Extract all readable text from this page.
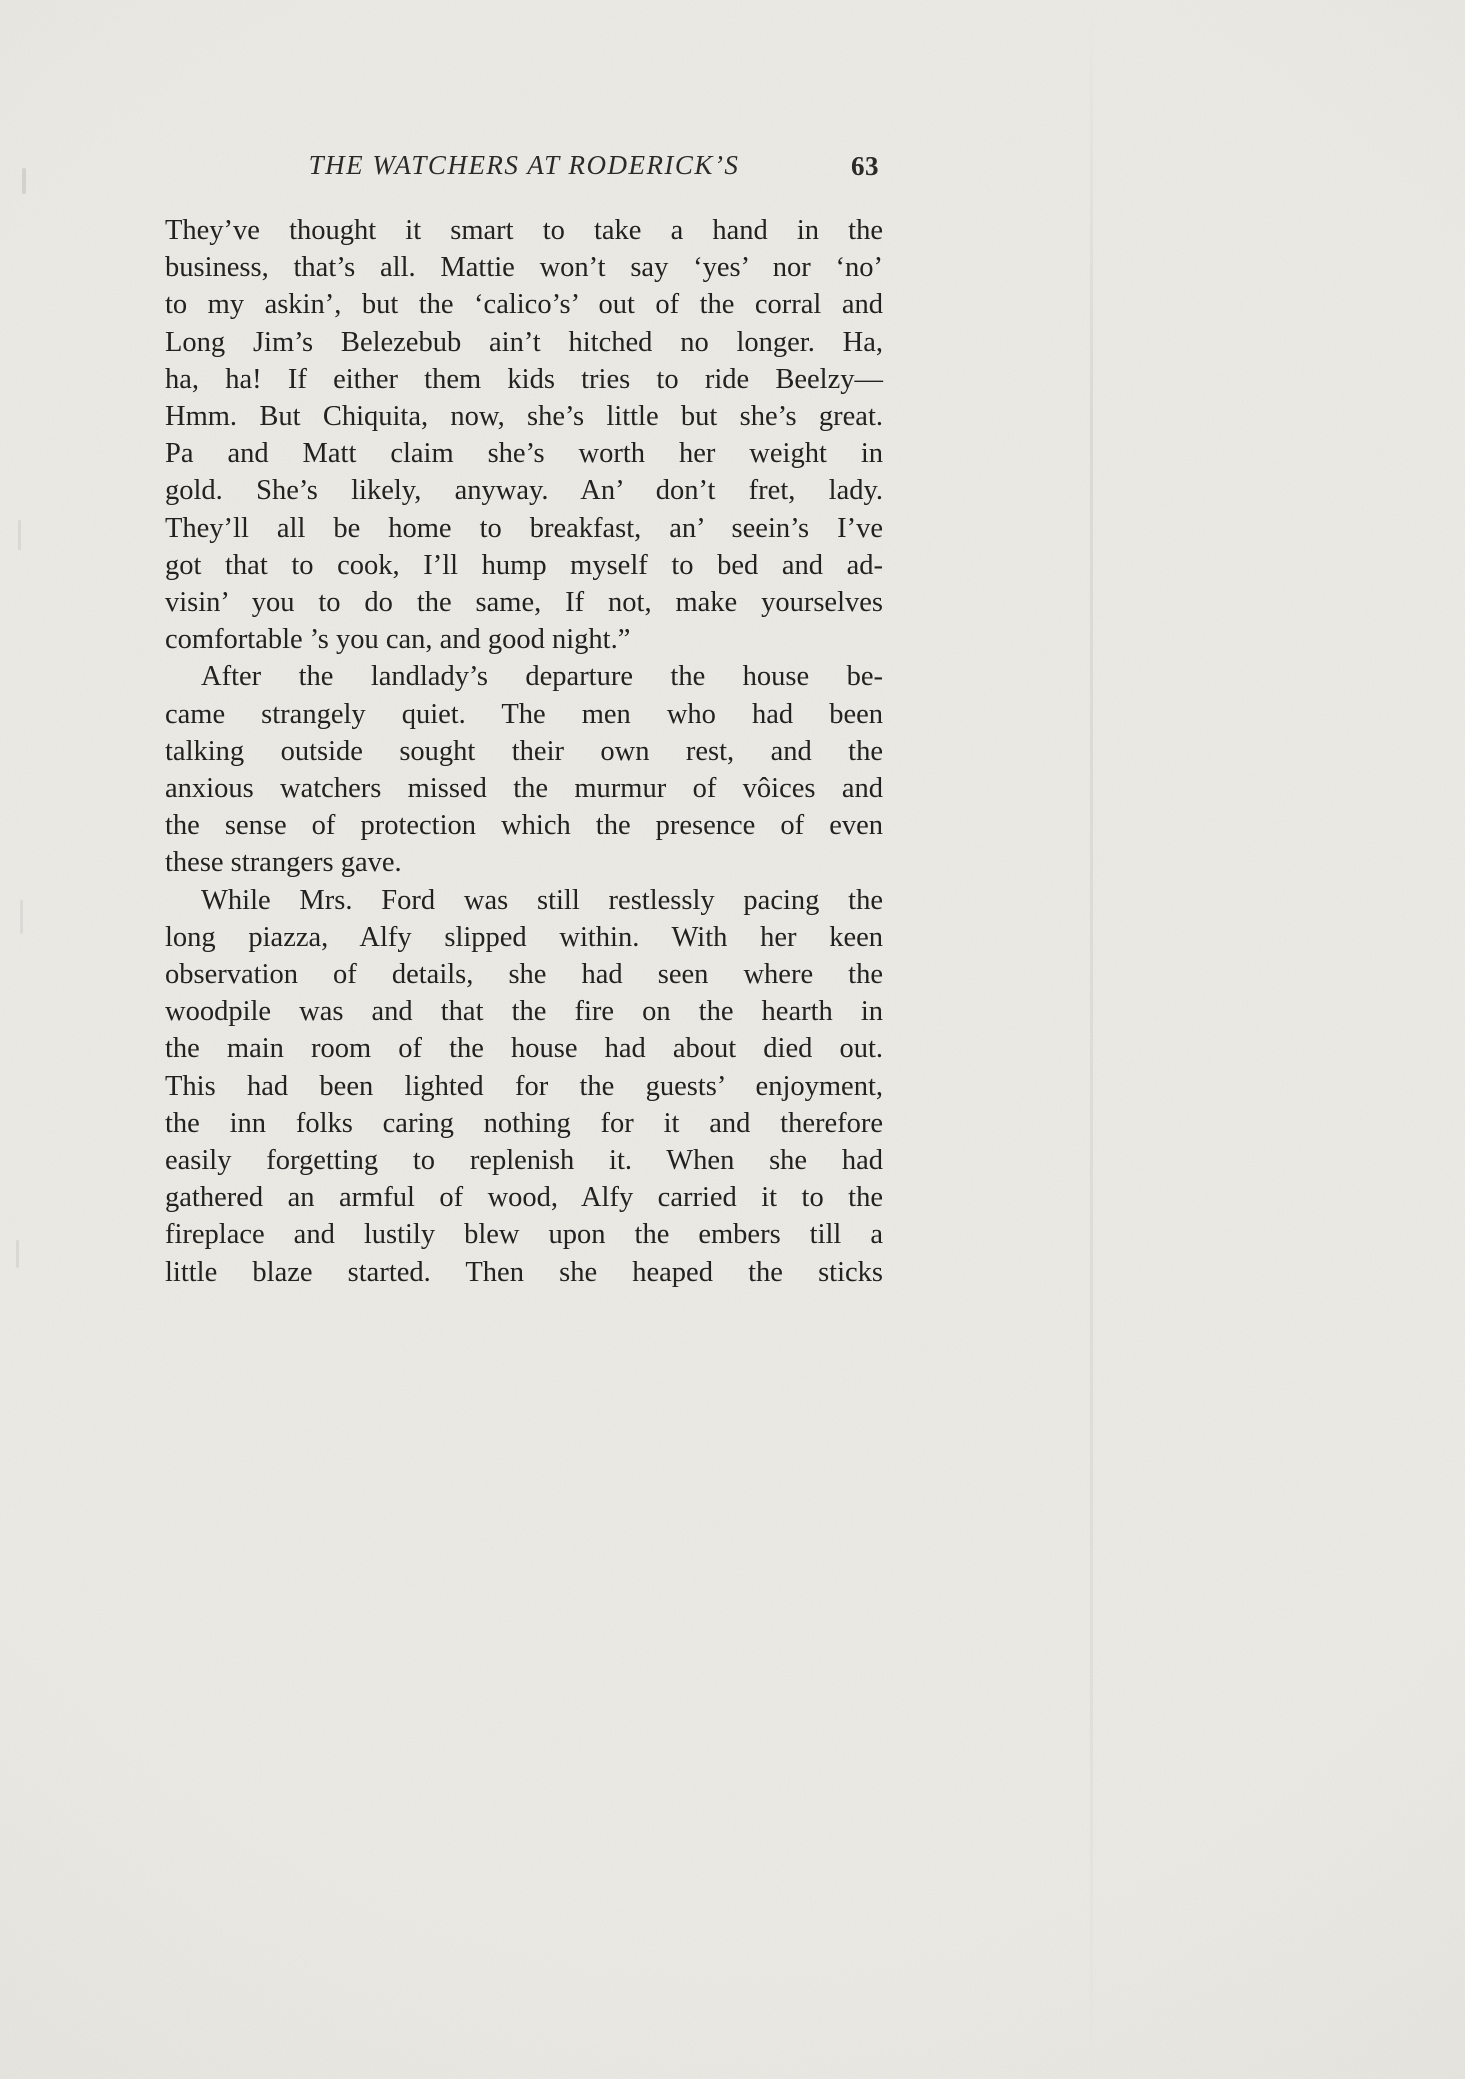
THE WATCHERS AT RODERICK’S	63
They’ve thought it smart to take a hand in the
business, that’s all. Mattie won’t say ‘yes’ nor ‘no’
to my askin’, but the ‘calico’s’ out of the corral and
Long Jim’s Belezebub ain’t hitched no longer. Ha,
ha, ha! If either them kids tries to ride Beelzy—
Hmm. But Chiquita, now, she’s little but she’s great.
Pa and Matt claim she’s worth her weight in
gold. She’s likely, anyway. An’ don’t fret, lady.
They’ll all be home to breakfast, an’ seein’s I’ve
got that to cook, I’ll hump myself to bed and ad-
visin’ you to do the same, If not, make yourselves
comfortable ’s you can, and good night.”
After the landlady’s departure the house be-
came strangely quiet. The men who had been
talking outside sought their own rest, and the
anxious watchers missed the murmur of vôices and
the sense of protection which the presence of even
these strangers gave.
While Mrs. Ford was still restlessly pacing the
long piazza, Alfy slipped within. With her keen
observation of details, she had seen where the
woodpile was and that the fire on the hearth in
the main room of the house had about died out.
This had been lighted for the guests’ enjoyment,
the inn folks caring nothing for it and therefore
easily forgetting to replenish it. When she had
gathered an armful of wood, Alfy carried it to the
fireplace and lustily blew upon the embers till a
little blaze started. Then she heaped the sticks
